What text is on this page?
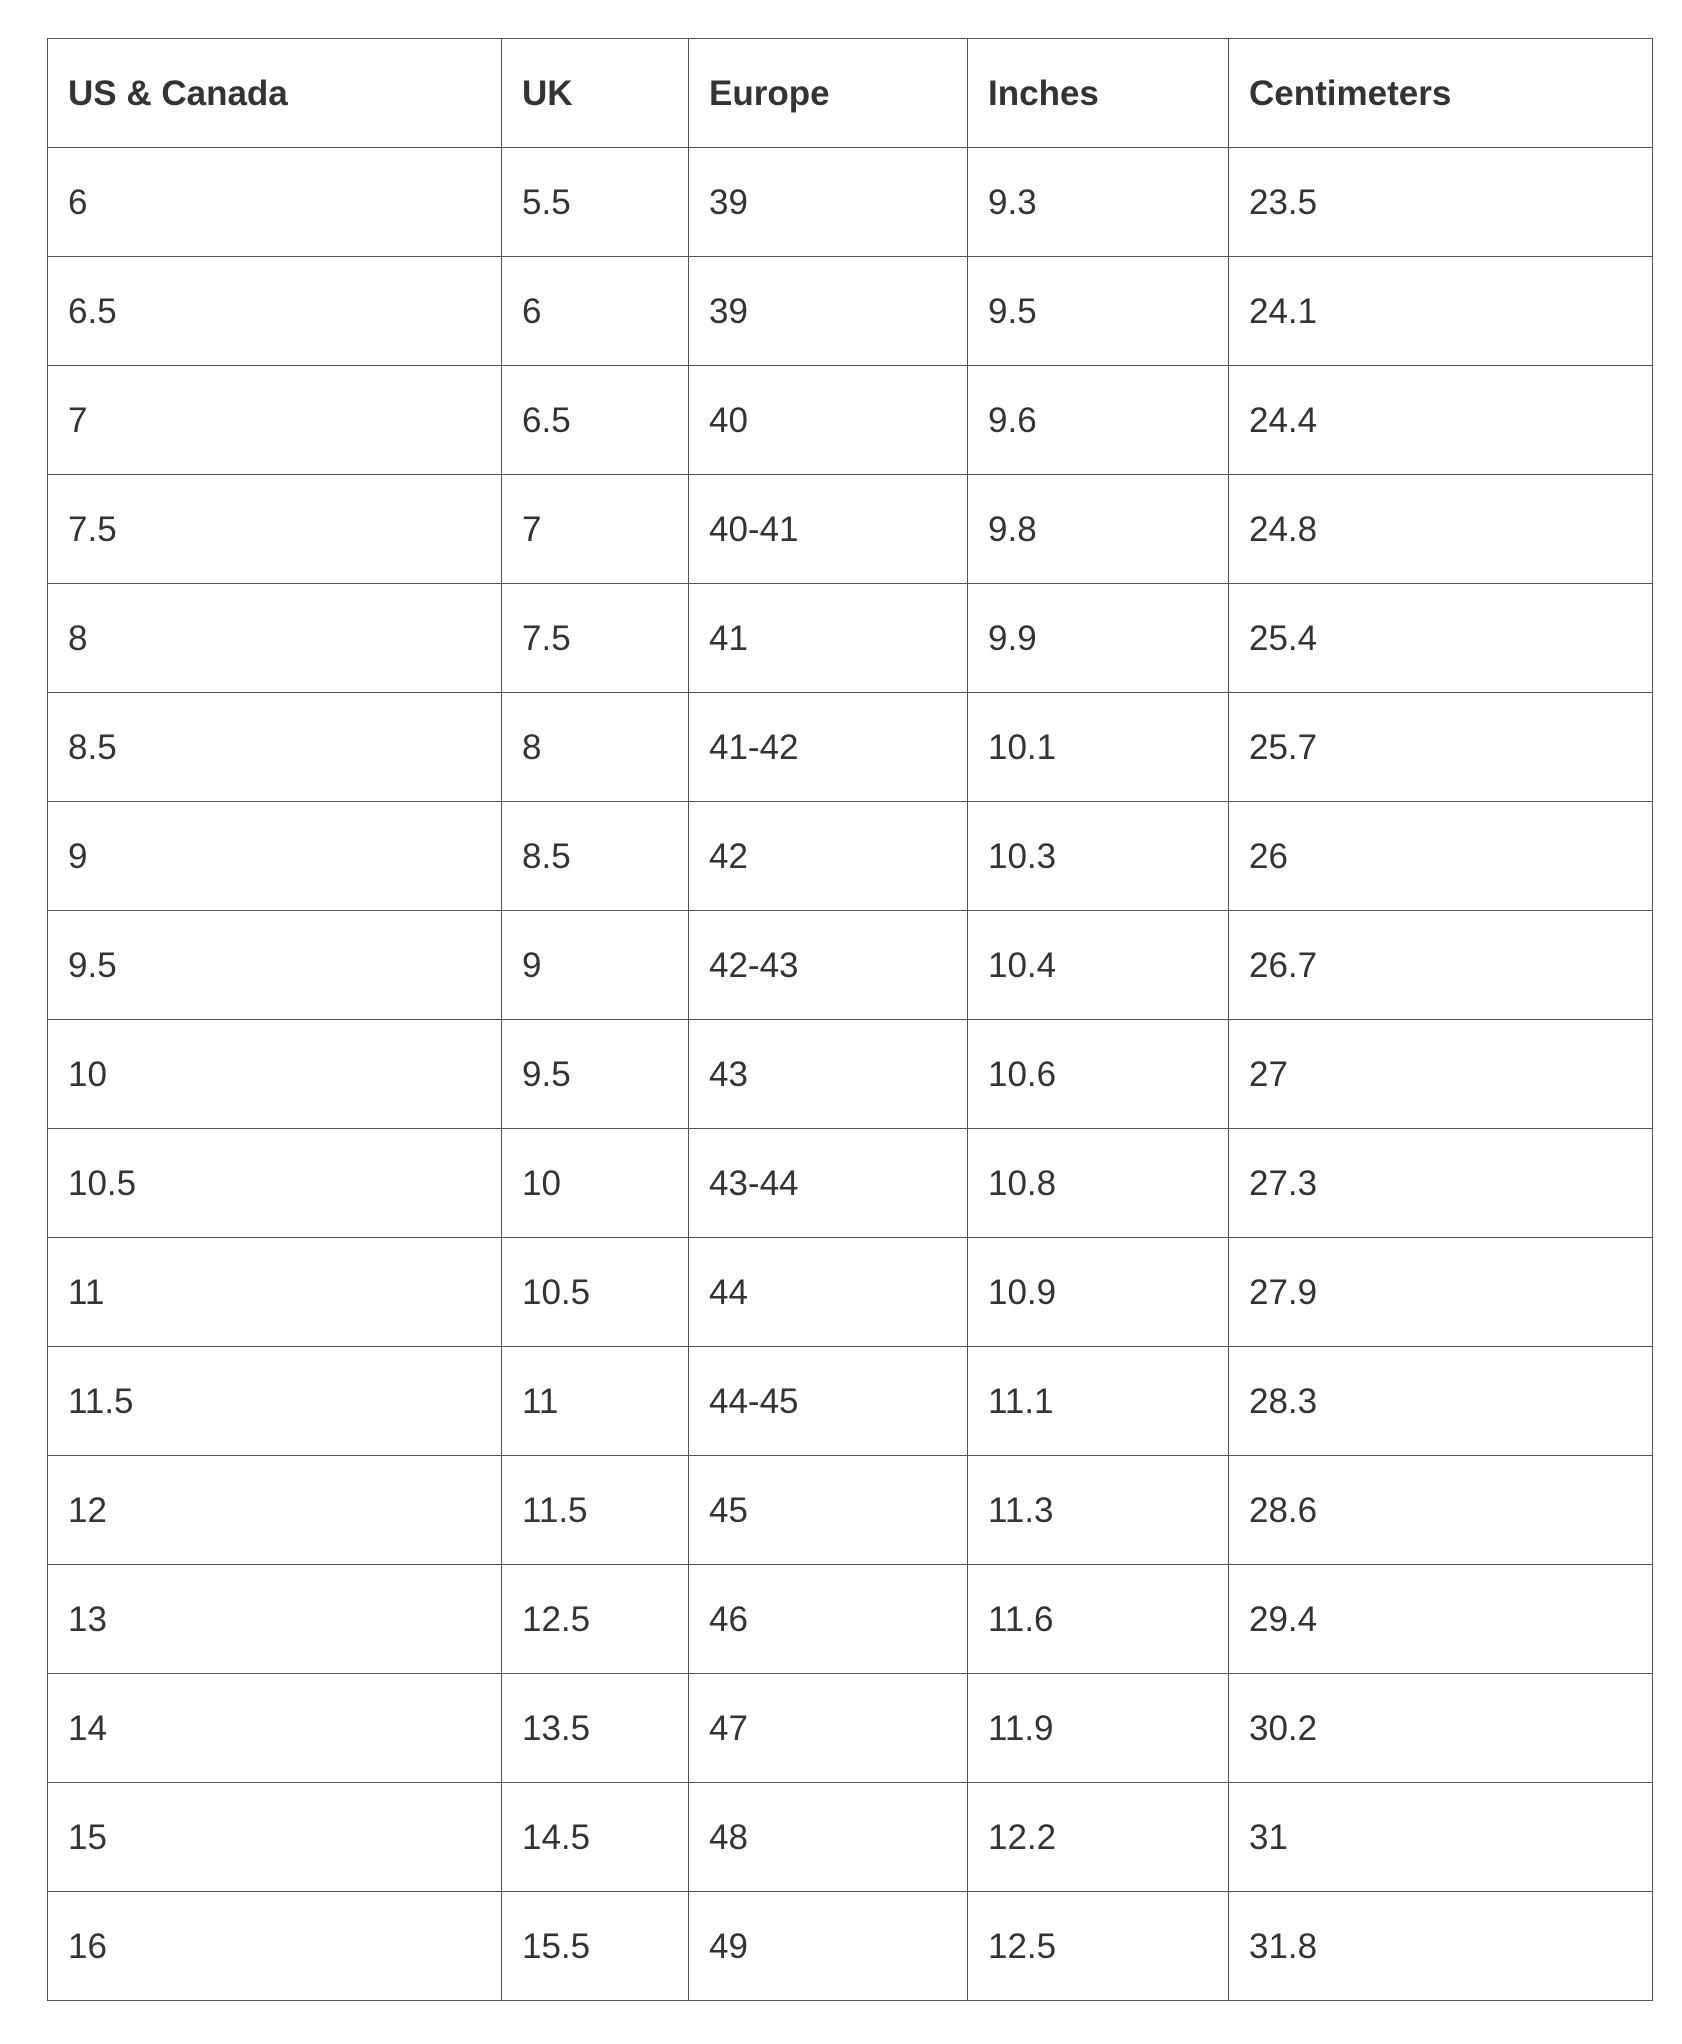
US & Canada	UK	Europe	Inches	Centimeters
6	5.5	39	9.3	23.5
6.5	6	39	9.5	24.1
7	6.5	40	9.6	24.4
7.5	7	40-41	9.8	24.8
8	7.5	41	9.9	25.4
8.5	8	41-42	10.1	25.7
9	8.5	42	10.3	26
9.5	9	42-43	10.4	26.7
10	9.5	43	10.6	27
10.5	10	43-44	10.8	27.3
11	10.5	44	10.9	27.9
11.5	11	44-45	11.1	28.3
12	11.5	45	11.3	28.6
13	12.5	46	11.6	29.4
14	13.5	47	11.9	30.2
15	14.5	48	12.2	31
16	15.5	49	12.5	31.8
